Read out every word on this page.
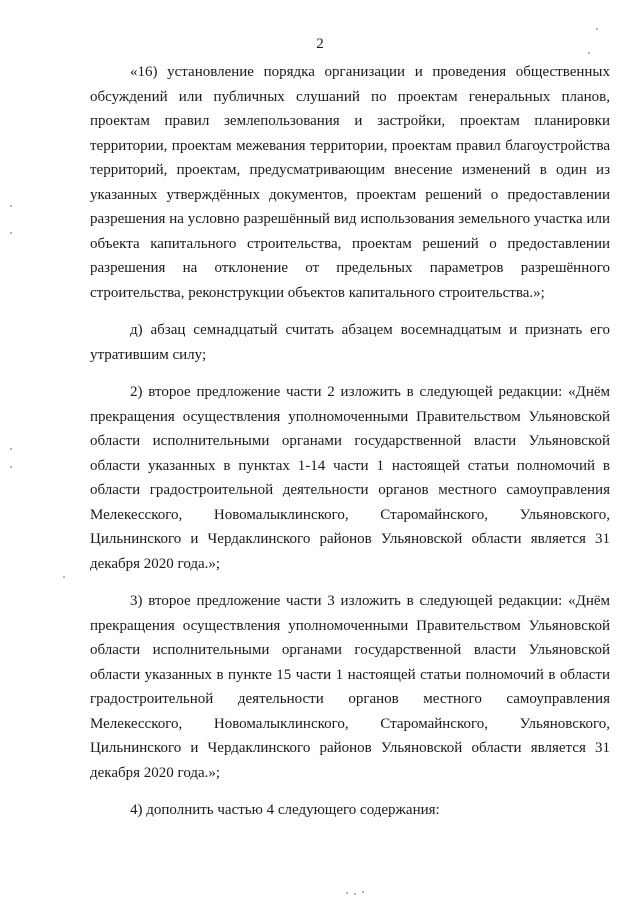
2

«16) установление порядка организации и проведения общественных обсуждений или публичных слушаний по проектам генеральных планов, проектам правил землепользования и застройки, проектам планировки территории, проектам межевания территории, проектам правил благоустройства территорий, проектам, предусматривающим внесение изменений в один из указанных утверждённых документов, проектам решений о предоставлении разрешения на условно разрешённый вид использования земельного участка или объекта капитального строительства, проектам решений о предоставлении разрешения на отклонение от предельных параметров разрешённого строительства, реконструкции объектов капитального строительства.»;

д) абзац семнадцатый считать абзацем восемнадцатым и признать его утратившим силу;

2) второе предложение части 2 изложить в следующей редакции: «Днём прекращения осуществления уполномоченными Правительством Ульяновской области исполнительными органами государственной власти Ульяновской области указанных в пунктах 1-14 части 1 настоящей статьи полномочий в области градостроительной деятельности органов местного самоуправления Мелекесского, Новомалыклинского, Старомайнского, Ульяновского, Цильнинского и Чердаклинского районов Ульяновской области является 31 декабря 2020 года.»;

3) второе предложение части 3 изложить в следующей редакции: «Днём прекращения осуществления уполномоченными Правительством Ульяновской области исполнительными органами государственной власти Ульяновской области указанных в пункте 15 части 1 настоящей статьи полномочий в области градостроительной деятельности органов местного самоуправления Мелекесского, Новомалыклинского, Старомайнского, Ульяновского, Цильнинского и Чердаклинского районов Ульяновской области является 31 декабря 2020 года.»;

4) дополнить частью 4 следующего содержания:
